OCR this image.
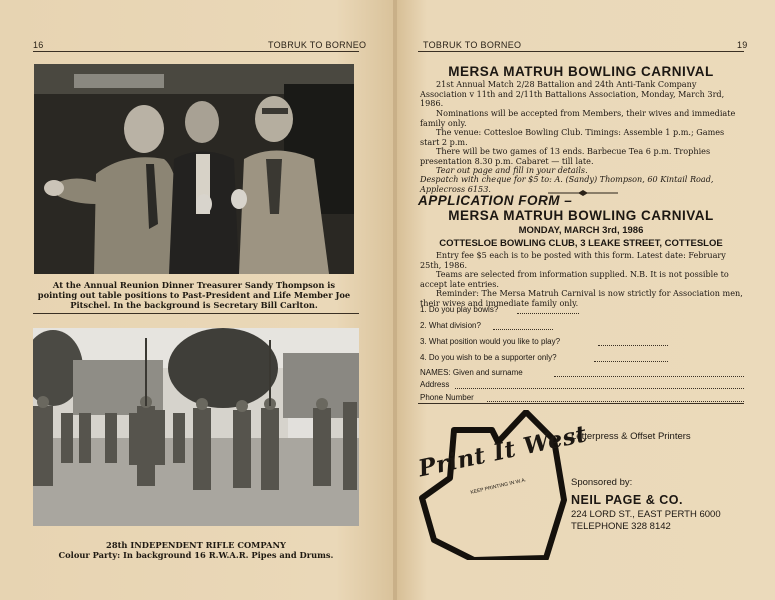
16	TOBRUK TO BORNEO
At the Annual Reunion Dinner Treasurer Sandy Thompson is pointing out table positions to Past-President and Life Member Joe Pitschel. In the background is Secretary Bill Carlton.
28th INDEPENDENT RIFLE COMPANY
Colour Party: In background 16 R.W.A.R. Pipes and Drums.
TOBRUK TO BORNEO	19
MERSA MATRUH BOWLING CARNIVAL
21st Annual Match 2/28 Battalion and 24th Anti-Tank Company Association v 11th and 2/11th Battalions Association, Monday, March 3rd, 1986.
Nominations will be accepted from Members, their wives and immediate family only.
The venue: Cottesloe Bowling Club. Timings: Assemble 1 p.m.; Games start 2 p.m.
There will be two games of 13 ends. Barbecue Tea 6 p.m. Trophies presentation 8.30 p.m. Cabaret — till late.
Tear out page and fill in your details.
Despatch with cheque for $5 to: A. (Sandy) Thompson, 60 Kintail Road, Applecross 6153.
APPLICATION FORM –
MERSA MATRUH BOWLING CARNIVAL
MONDAY, MARCH 3rd, 1986
COTTESLOE BOWLING CLUB, 3 LEAKE STREET, COTTESLOE
Entry fee $5 each is to be posted with this form. Latest date: February 25th, 1986.
Teams are selected from information supplied. N.B. It is not possible to accept late entries.
Reminder: The Mersa Matruh Carnival is now strictly for Association men, their wives and immediate family only.
1. Do you play bowls?
2. What division?
3. What position would you like to play?
4. Do you wish to be a supporter only?
NAMES: Given and surname
Address
Phone Number
Print It West
KEEP PRINTING IN W.A.
Letterpress & Offset Printers
Sponsored by:
NEIL PAGE & CO.
224 LORD ST., EAST PERTH 6000
TELEPHONE 328 8142
